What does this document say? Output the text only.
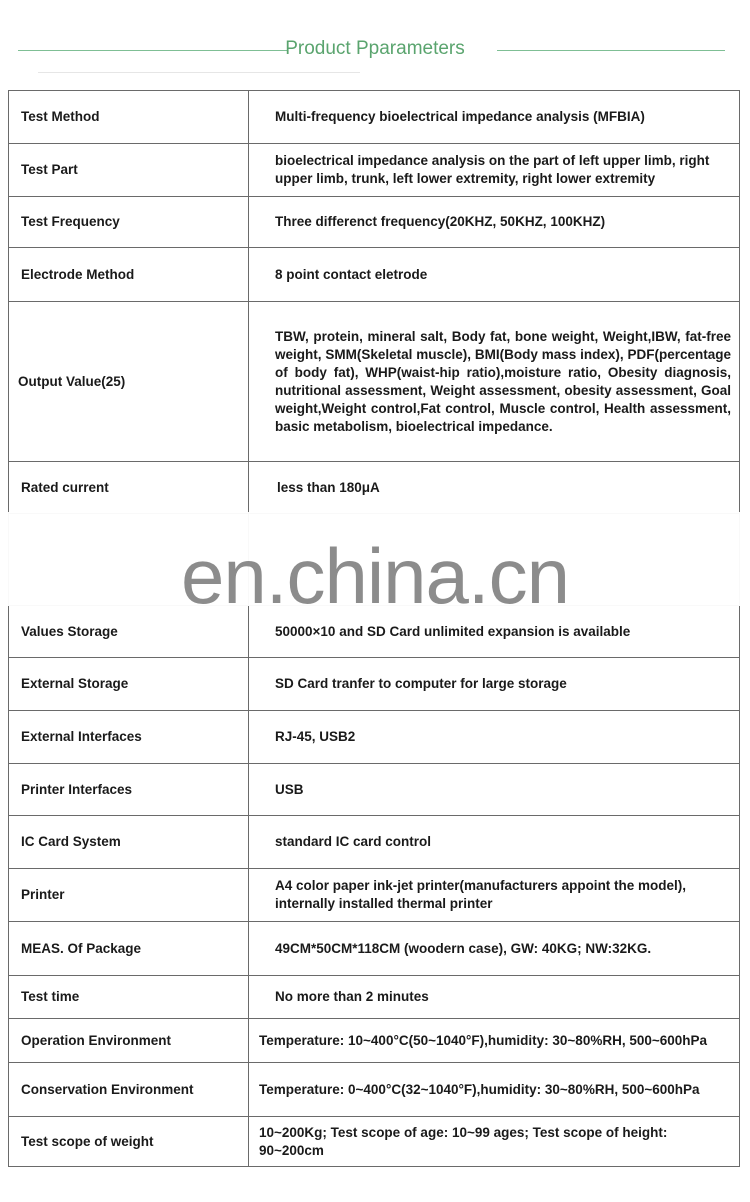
Product Pparameters
Test Method	Multi-frequency bioelectrical impedance analysis (MFBIA)
Test Part	bioelectrical impedance analysis on the part of left upper limb, right upper limb, trunk, left lower extremity, right lower extremity
Test Frequency	Three differenct frequency(20KHZ, 50KHZ, 100KHZ)
Electrode Method	8 point contact eletrode
Output Value(25)	TBW, protein, mineral salt, Body fat, bone weight, Weight,IBW, fat-free weight, SMM(Skeletal muscle), BMI(Body mass index), PDF(percentage of body fat), WHP(waist-hip ratio),moisture ratio, Obesity diagnosis, nutritional assessment, Weight assessment, obesity assessment, Goal weight,Weight control,Fat control, Muscle control, Health assessment, basic metabolism, bioelectrical impedance.
Rated current	less than 180μA

Values Storage	50000×10 and SD Card unlimited expansion is available
External Storage	SD Card tranfer to computer for large storage
External Interfaces	RJ-45, USB2
Printer Interfaces	USB
IC Card System	standard IC card control
Printer	A4 color paper ink-jet printer(manufacturers appoint the model), internally installed thermal printer
MEAS. Of Package	49CM*50CM*118CM (woodern case), GW: 40KG; NW:32KG.
Test time	No more than 2 minutes
Operation Environment	Temperature: 10~400°C(50~1040°F),humidity: 30~80%RH, 500~600hPa
Conservation Environment	Temperature: 0~400°C(32~1040°F),humidity: 30~80%RH, 500~600hPa
Test scope of weight	10~200Kg; Test scope of age: 10~99 ages; Test scope of height: 90~200cm
en.china.cn
